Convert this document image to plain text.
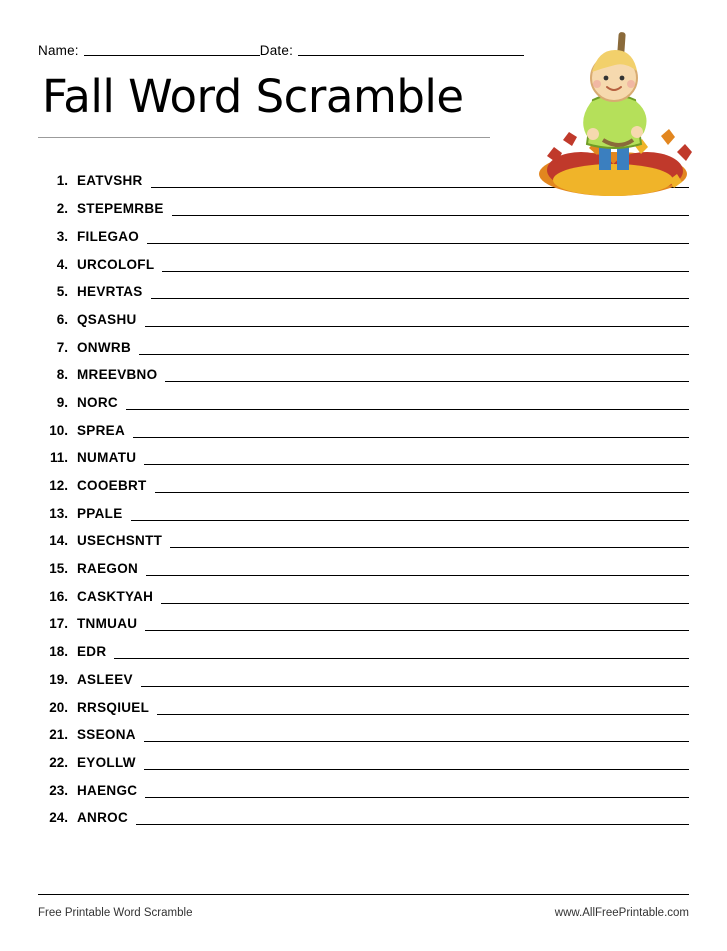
Name:	Date:
Fall Word Scramble
1. EATVSHR
2. STEPEMRBE
3. FILEGAO
4. URCOLOFL
5. HEVRTAS
6. QSASHU
7. ONWRB
8. MREEVBNO
9. NORC
10. SPREA
11. NUMATU
12. COOEBRT
13. PPALE
14. USECHSNTT
15. RAEGON
16. CASKTYAH
17. TNMUAU
18. EDR
19. ASLEEV
20. RRSQIUEL
21. SSEONA
22. EYOLLW
23. HAENGC
24. ANROC
Free Printable Word Scramble	www.AllFreePrintable.com
